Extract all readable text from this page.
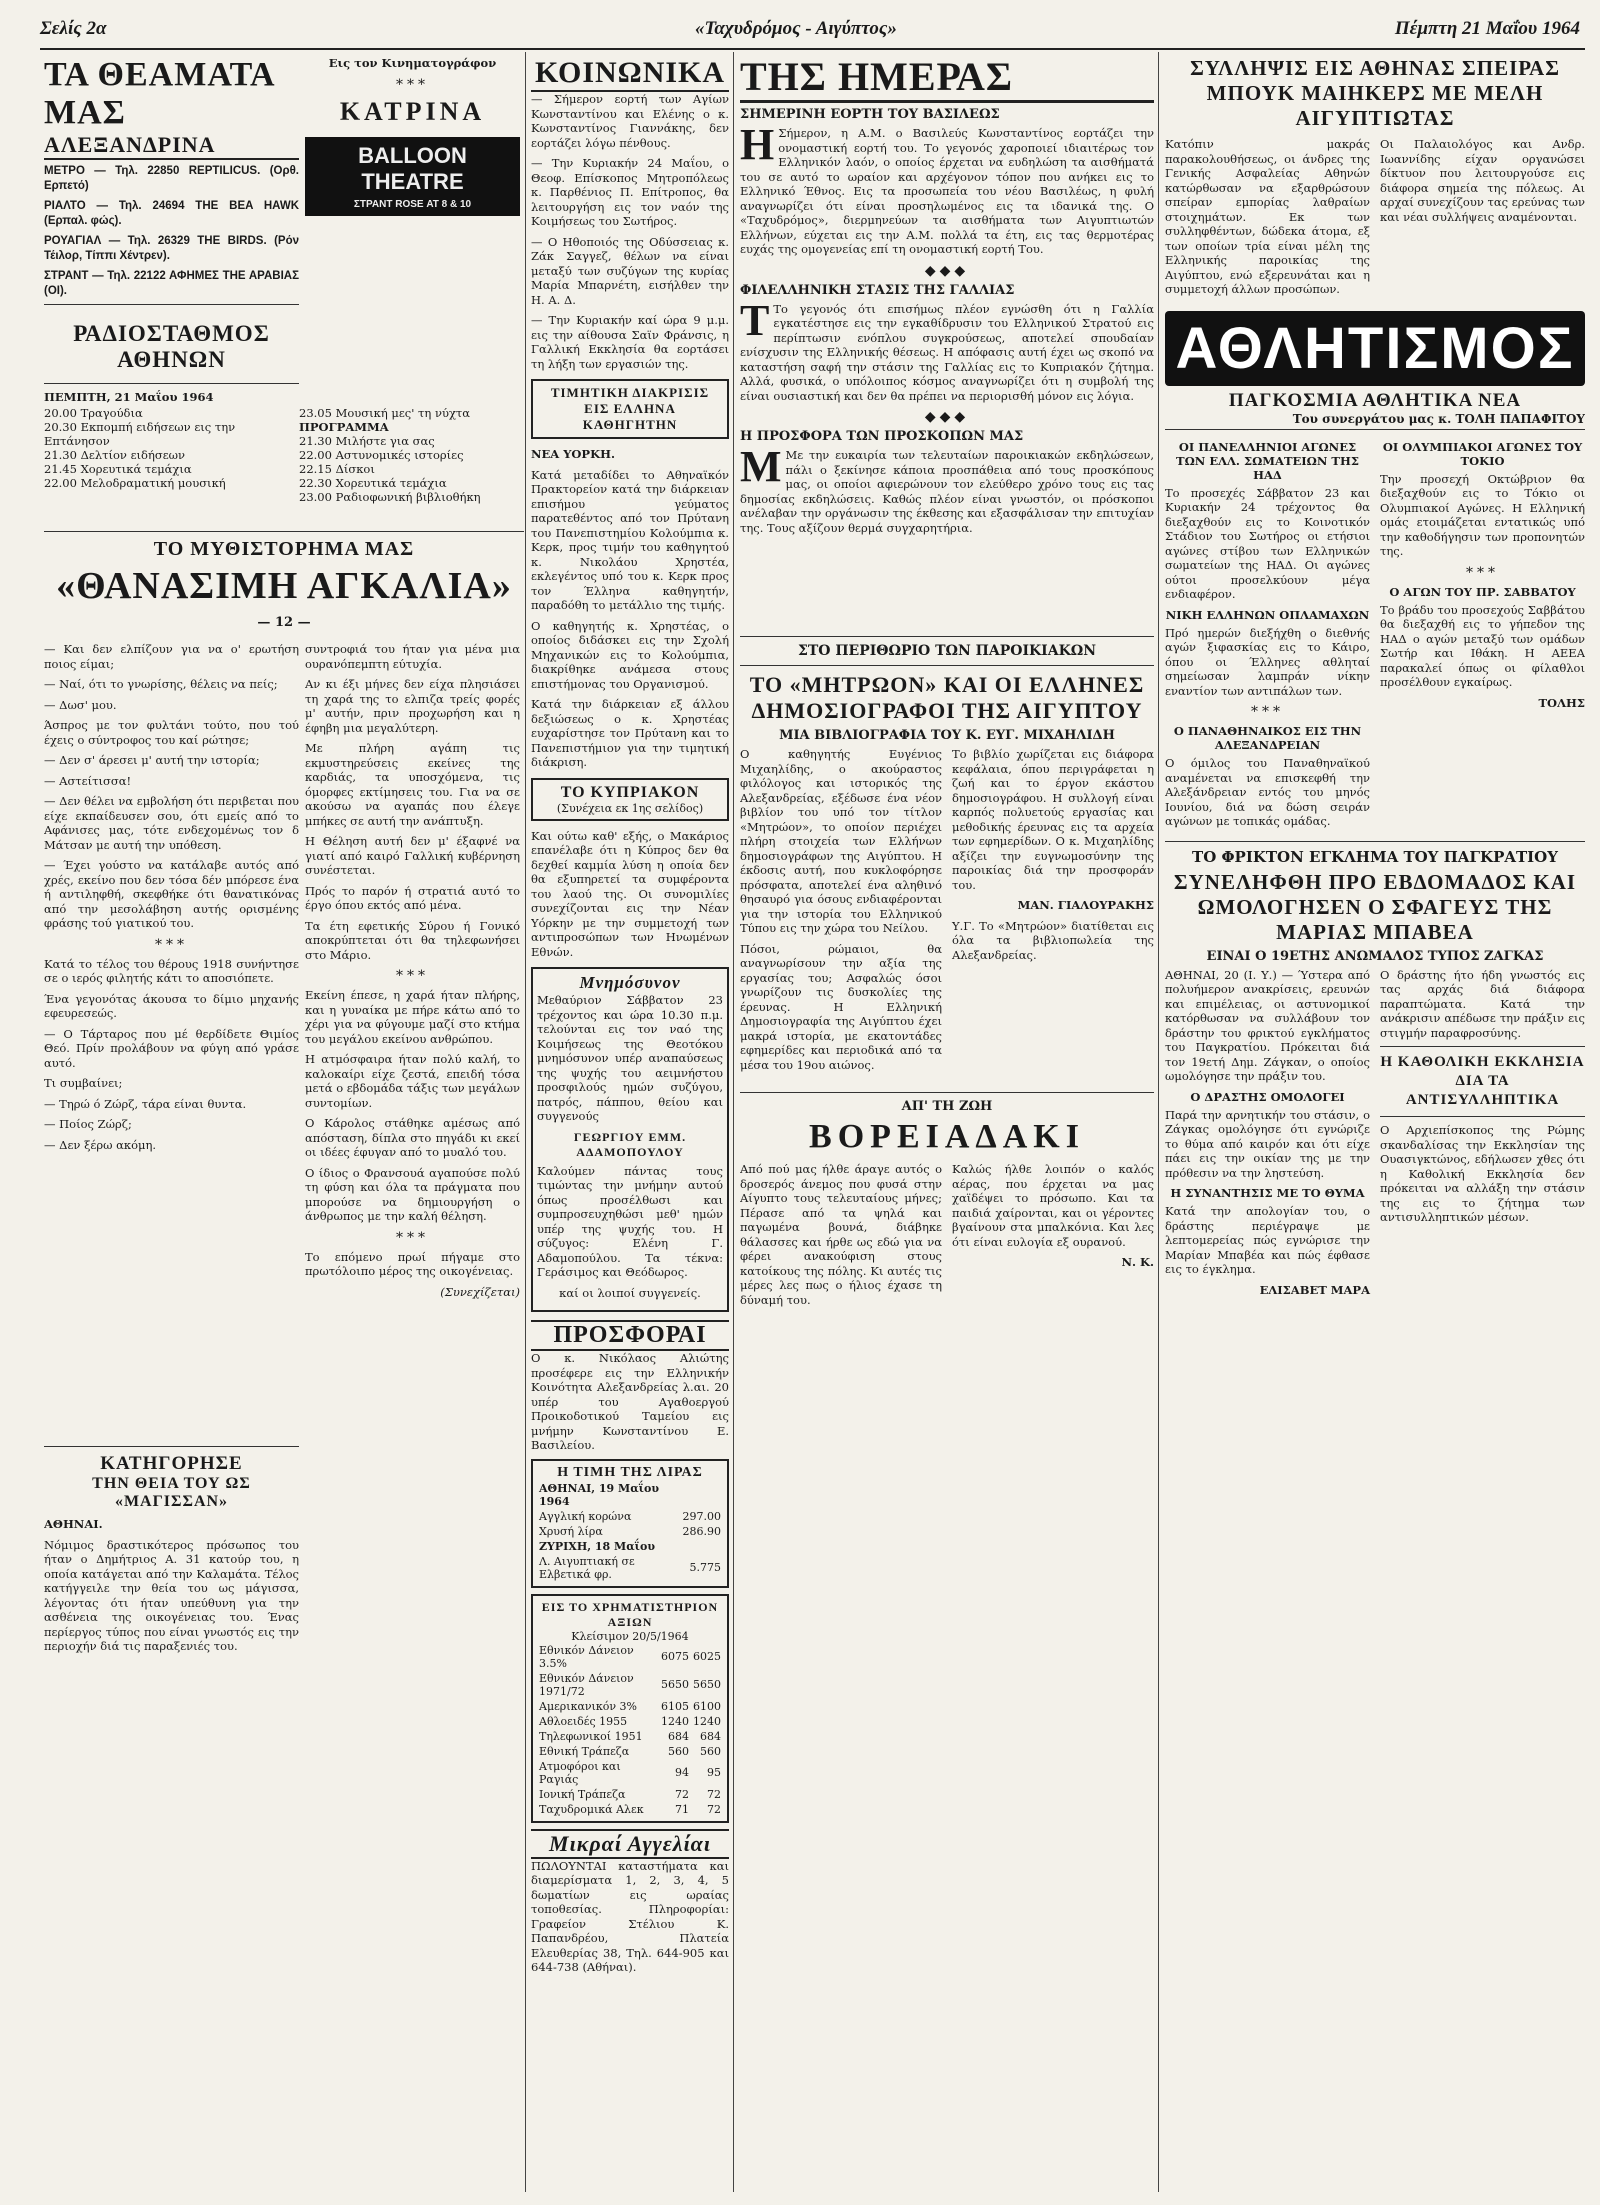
Σελίς 2α	«Ταχυδρόμος - Αιγύπτος»	Πέμπτη 21 Μαΐου 1964
ΤΑ ΘΕΑΜΑΤΑ ΜΑΣ
ΑΛΕΞΑΝΔΡΙΝΑ

ΜΕΤΡΟ — Τηλ. 22850 REPTILICUS. (Ορθ. Ερπετό)

ΡΙΑΛΤΟ — Τηλ. 24694 THE BEA HAWK (Ερπαλ. φώς).

ΡΟΥΑΓΙΑΛ — Τηλ. 26329 THE BIRDS. (Ρόν Τέιλορ, Τίππι Χέντρεν).

ΣΤΡΑΝΤ — Τηλ. 22122 ΑΦΗΜΕΣ ΤΗΕ ΑΡΑΒΙΑΣ (ΟΙ).

ΡΑΔΙΟΣΤΑΘΜΟΣ ΑΘΗΝΩΝ
ΠΕΜΠΤΗ, 21 Μαΐου 1964
20.00 Τραγούδια
20.30 Εκπομπή ειδήσεων εις την Επτάνησον
21.30 Δελτίον ειδήσεων
21.45 Χορευτικά τεμάχια
22.00 Μελοδραματική μουσική
23.05 Μουσική μες' τη νύχτα
ΠΡΟΓΡΑΜΜΑ
21.30 Μιλήστε για σας
22.00 Αστυνομικές ιστορίες
22.15 Δίσκοι
22.30 Χορευτικά τεμάχια
23.00 Ραδιοφωνική βιβλιοθήκη
ΤΟ ΜΥΘΙΣΤΟΡΗΜΑ ΜΑΣ
«ΘΑΝΑΣΙΜΗ ΑΓΚΑΛΙΑ»
— 12 —

— Και δεν ελπίζουν για να ο' ερωτήση ποιος είμαι;

— Ναί, ότι το γνωρίσης, θέλεις να πείς;

— Δωσ' μου.

Άσπρος με τον φυλτάνι τούτο, που τού έχεις ο σύντροφος του καί ρώτησε;

— Δεν σ' άρεσει μ' αυτή την ιστορία;

— Αστείτισσα!

— Δεν θέλει να εμβολήση ότι περιβεται που είχε εκπαίδευσεν σου, ότι εμείς από το Αφάνισες μας, τότε ενδεχομένως τον δ Μάτσαν με αυτή την υπόθεση.

— Έχει γούστο να κατάλαβε αυτός από χρές, εκείνο που δεν τόσα δέν μπόρεσε ένα ή αντιληφθή, σκεφθήκε ότι θανατικόνας από την μεσολάβηση αυτής ορισμένης φράσης τού γιατικού του.

***

Κατά το τέλος του θέρους 1918 συνήντησε σε ο ιερός φιλητής κάτι το αποσιόπετε.

Ένα γεγονότας άκουσα το δίμιο μηχανής εφευρεσεώς.

— Ο Τάρταρος που μέ θερδίδετε Θιμίος Θεό. Πρίν προλάβουν να φύγη από γράσε αυτό.

Τι συμβαίνει;

— Τηρώ ό Ζώρζ, τάρα είναι θυντα.

— Ποίος Ζώρζ;

— Δεν ξέρω ακόμη.

ΚΑΤΗΓΟΡΗΣΕ
ΤΗΝ ΘΕΙΑ ΤΟΥ ΩΣ «ΜΑΓΙΣΣΑΝ»

ΑΘΗΝΑΙ.

Νόμιμος δραστικότερος πρόσωπος του ήταν ο Δημήτριος Α. 31 κατούρ του, η οποία κατάγεται από την Καλαμάτα. Τέλος κατήγγειλε την θεία του ως μάγισσα, λέγοντας ότι ήταν υπεύθυνη για την ασθένεια της οικογένειας του. Ένας περίεργος τύπος που είναι γνωστός εις την περιοχήν διά τις παραξενιές του.

Εις τον Κινηματογράφον

***
ΚΑΤΡΙΝΑ
BALLOON THEATRE
ΣΤΡΑΝΤ ROSE ΑΤ 8 & 10

συντροφιά του ήταν για μένα μια ουρανόπεμπτη εύτυχία.

Αν κι έξι μήνες δεν είχα πλησιάσει τη χαρά της το ελπιζα τρείς φορές μ' αυτήν, πριν προχωρήση και η έφηβη μια μεγαλύτερη.

Με πλήρη αγάπη τις εκμυστηρεύσεις εκείνες της καρδιάς, τα υποσχόμενα, τις όμορφες εκτίμησεις του. Για να σε ακούσω να αγαπάς που έλεγε μπήκες σε αυτή την ανάπτυξη.

Η Θέληση αυτή δεν μ' έξαφνέ να γιατί από καιρό Γαλλική κυβέρνηση συνέστεται.

Πρός το παρόν ή στρατιά αυτό το έργο όπου εκτός από μένα.

Τα έτη εφετικής Σύρου ή Γονικό αποκρύπτεται ότι θα τηλεφωνήσει στο Μάριο.

***

Εκείνη έπεσε, η χαρά ήταν πλήρης, και η γυναίκα με πήρε κάτω από το χέρι για να φύγουμε μαζί στο κτήμα του μεγάλου εκείνου ανθρώπου.

Η ατμόσφαιρα ήταν πολύ καλή, το καλοκαίρι είχε ζεστά, επειδή τόσα μετά ο εβδομάδα τάξις των μεγάλων συντομίων.

Ο Κάρολος στάθηκε αμέσως από απόσταση, δίπλα στο πηγάδι κι εκεί οι ιδέες έφυγαν από το μυαλό του.

Ο ίδιος ο Φρανσουά αγαπούσε πολύ τη φύση και όλα τα πράγματα που μπορούσε να δημιουργήση ο άνθρωπος με την καλή θέληση.

***

Το επόμενο πρωί πήγαμε στο πρωτόλοιπο μέρος της οικογένειας.

(Συνεχίζεται)

ΚΟΙΝΩΝΙΚΑ

— Σήμερον εορτή των Αγίων Κωνσταντίνου και Ελένης ο κ. Κωνσταντίνος Γιαννάκης, δεν εορτάζει λόγω πένθους.

— Την Κυριακήν 24 Μαΐου, ο Θεοφ. Επίσκοπος Μητροπόλεως κ. Παρθένιος Π. Επίτροπος, θα λειτουργήση εις τον ναόν της Κοιμήσεως του Σωτήρος.

— Ο Ηθοποιός της Οδύσσειας κ. Ζάκ Σαγγεζ, θέλων να είναι μεταξύ των συζύγων της κυρίας Μαρία Μπαρνέτη, εισήλθεν την Η. Α. Δ.

— Την Κυριακήν καί ώρα 9 μ.μ. εις την αίθουσα Σαϊν Φράνσις, η Γαλλική Εκκλησία θα εορτάσει τη λήξη των εργασιών της.

ΤΙΜΗΤΙΚΗ ΔΙΑΚΡΙΣΙΣ ΕΙΣ ΕΛΛΗΝΑ ΚΑΘΗΓΗΤΗΝ

ΝΕΑ ΥΟΡΚΗ.

Κατά μεταδίδει το Αθηναϊκόν Πρακτορείον κατά την διάρκειαν επισήμου γεύματος παρατεθέντος από τον Πρύτανη του Πανεπιστημίου Κολούμπια κ. Κερκ, προς τιμήν του καθηγητού κ. Νικολάου Χρηστέα, εκλεγέντος υπό του κ. Κερκ προς τον Έλληνα καθηγητήν, παραδόθη το μετάλλιο της τιμής.

Ο καθηγητής κ. Χρηστέας, ο οποίος διδάσκει εις την Σχολή Μηχανικών εις το Κολούμπια, διακρίθηκε ανάμεσα στους επιστήμονας του Οργανισμού.

Κατά την διάρκειαν εξ άλλου δεξιώσεως ο κ. Χρηστέας ευχαρίστησε τον Πρύτανη και το Πανεπιστήμιον για την τιμητική διάκριση.

ΤΟ ΚΥΠΡΙΑΚΟΝ
(Συνέχεια εκ 1ης σελίδος)

Και ούτω καθ' εξής, ο Μακάριος επανέλαβε ότι η Κύπρος δεν θα δεχθεί καμμία λύση η οποία δεν θα εξυπηρετεί τα συμφέροντα του λαού της. Οι συνομιλίες συνεχίζονται εις την Νέαν Υόρκην με την συμμετοχή των αντιπροσώπων των Ηνωμένων Εθνών.

Μνημόσυνον

Μεθαύριον Σάββατον 23 τρέχοντος και ώρα 10.30 π.μ. τελούνται εις τον ναό της Κοιμήσεως της Θεοτόκου μνημόσυνον υπέρ αναπαύσεως της ψυχής του αειμνήστου προσφιλούς ημών συζύγου, πατρός, πάππου, θείου και συγγενούς

ΓΕΩΡΓΙΟΥ ΕΜΜ. ΑΔΑΜΟΠΟΥΛΟΥ

Καλούμεν πάντας τους τιμώντας την μνήμην αυτού όπως προσέλθωσι και συμπροσευχηθώσι μεθ' ημών υπέρ της ψυχής του. Η σύζυγος: Ελένη Γ. Αδαμοπούλου. Τα τέκνα: Γεράσιμος και Θεόδωρος.

καί οι λοιποί συγγενείς.

ΠΡΟΣΦΟΡΑΙ

Ο κ. Νικόλαος Αλιώτης προσέφερε εις την Ελληνικήν Κοινότητα Αλεξανδρείας λ.αι. 20 υπέρ του Αγαθοεργού Προικοδοτικού Ταμείου εις μνήμην Κωνσταντίνου Ε. Βασιλείου.

Η ΤΙΜΗ ΤΗΣ ΛΙΡΑΣ
ΑΘΗΝΑΙ, 19 Μαΐου 1964	
Αγγλική κορώνα	297.00
Χρυσή λίρα	286.90
ΖΥΡΙΧΗ, 18 Μαΐου	
Λ. Αιγυπτιακή σε Ελβετικά φρ.	5.775
ΕΙΣ ΤΟ ΧΡΗΜΑΤΙΣΤΗΡΙΟΝ ΑΞΙΩΝ
Κλείσιμον 20/5/1964
Εθνικόν Δάνειον 3.5%	6075	6025
Εθνικόν Δάνειον 1971/72	5650	5650
Αμερικανικόν 3%	6105	6100
Αθλοειδές 1955	1240	1240
Τηλεφωνικοί 1951	684	684
Εθνική Τράπεζα	560	560
Ατμοφόροι και Ραγιάς	94	95
Ιονική Τράπεζα	72	72
Ταχυδρομικά Αλεκ	71	72
Μικραί Αγγελίαι

ΠΩΛΟΥΝΤΑΙ καταστήματα και διαμερίσματα 1, 2, 3, 4, 5 δωματίων εις ωραίας τοποθεσίας. Πληροφορίαι: Γραφείον Στέλιου Κ. Παπανδρέου, Πλατεία Ελευθερίας 38, Τηλ. 644-905 και 644-738 (Αθήναι).

ΤΗΣ ΗΜΕΡΑΣ
ΣΗΜΕΡΙΝΗ ΕΟΡΤΗ ΤΟΥ ΒΑΣΙΛΕΩΣ

Η Σήμερον, η Α.Μ. ο Βασιλεύς Κωνσταντίνος εορτάζει την ονομαστική εορτή του. Το γεγονός χαροποιεί ιδιαιτέρως τον Ελληνικόν λαόν, ο οποίος έρχεται να ευδηλώση τα αισθήματά του σε αυτό το ωραίον και αρχέγονον τόπον που ανήκει εις το Ελληνικό Έθνος. Εις τα προσωπεία του νέου Βασιλέως, η φυλή αναγνωρίζει ότι είναι προσηλωμένος εις τα ιδανικά της. Ο «Ταχυδρόμος», διερμηνεύων τα αισθήματα των Αιγυπτιωτών Ελλήνων, εύχεται εις την Α.Μ. πολλά τα έτη, εις τας θερμοτέρας ευχάς της ομογενείας επί τη ονομαστική εορτή Του.

◆◆◆
ΦΙΛΕΛΛΗΝΙΚΗ ΣΤΑΣΙΣ ΤΗΣ ΓΑΛΛΙΑΣ

Τ Το γεγονός ότι επισήμως πλέον εγνώσθη ότι η Γαλλία εγκατέστησε εις την εγκαθίδρυσιν του Ελληνικού Στρατού εις περίπτωσιν ενόπλου συγκρούσεως, αποτελεί σπουδαίαν ενίσχυσιν της Ελληνικής θέσεως. Η απόφασις αυτή έχει ως σκοπό να καταστήση σαφή την στάσιν της Γαλλίας εις το Κυπριακόν ζήτημα. Αλλά, φυσικά, ο υπόλοιπος κόσμος αναγνωρίζει ότι η συμβολή της είναι ουσιαστική και δεν θα πρέπει να περιορισθή μόνον εις λόγια.

◆◆◆
Η ΠΡΟΣΦΟΡΑ ΤΩΝ ΠΡΟΣΚΟΠΩΝ ΜΑΣ

Μ Με την ευκαιρία των τελευταίων παροικιακών εκδηλώσεων, πάλι ο ξεκίνησε κάποια προσπάθεια από τους προσκόπους μας, οι οποίοι αφιερώνουν τον ελεύθερο χρόνο τους εις τας δημοσίας εκδηλώσεις. Καθώς πλέον είναι γνωστόν, οι πρόσκοποι ανέλαβαν την οργάνωσιν της έκθεσης και εξασφάλισαν την επιτυχίαν της. Τους αξίζουν θερμά συγχαρητήρια.

ΣΤΟ ΠΕΡΙΘΩΡΙΟ ΤΩΝ ΠΑΡΟΙΚΙΑΚΩΝ
ΤΟ «ΜΗΤΡΩΟΝ» ΚΑΙ ΟΙ ΕΛΛΗΝΕΣ ΔΗΜΟΣΙΟΓΡΑΦΟΙ ΤΗΣ ΑΙΓΥΠΤΟΥ
ΜΙΑ ΒΙΒΛΙΟΓΡΑΦΙΑ ΤΟΥ Κ. ΕΥΓ. ΜΙΧΑΗΛΙΔΗ

Ο καθηγητής Ευγένιος Μιχαηλίδης, ο ακούραστος φιλόλογος και ιστορικός της Αλεξανδρείας, εξέδωσε ένα νέον βιβλίον του υπό τον τίτλον «Μητρώον», το οποίον περιέχει πλήρη στοιχεία των Ελλήνων δημοσιογράφων της Αιγύπτου. Η έκδοσις αυτή, που κυκλοφόρησε πρόσφατα, αποτελεί ένα αληθινό θησαυρό για όσους ενδιαφέρονται για την ιστορία του Ελληνικού Τύπου εις την χώρα του Νείλου.

Πόσοι, ρώμαιοι, θα αναγνωρίσουν την αξία της εργασίας του; Ασφαλώς όσοι γνωρίζουν τις δυσκολίες της έρευνας. Η Ελληνική Δημοσιογραφία της Αιγύπτου έχει μακρά ιστορία, με εκατοντάδες εφημερίδες και περιοδικά από τα μέσα του 19ου αιώνος.

Το βιβλίο χωρίζεται εις διάφορα κεφάλαια, όπου περιγράφεται η ζωή και το έργον εκάστου δημοσιογράφου. Η συλλογή είναι καρπός πολυετούς εργασίας και μεθοδικής έρευνας εις τα αρχεία των εφημερίδων. Ο κ. Μιχαηλίδης αξίζει την ευγνωμοσύνην της παροικίας διά την προσφοράν του.

ΜΑΝ. ΓΙΑΛΟΥΡΑΚΗΣ

Υ.Γ. Το «Μητρώον» διατίθεται εις όλα τα βιβλιοπωλεία της Αλεξανδρείας.

ΑΠ' ΤΗ ΖΩΗ
ΒΟΡΕΙΑΔΑΚΙ

Από πού μας ήλθε άραγε αυτός ο δροσερός άνεμος που φυσά στην Αίγυπτο τους τελευταίους μήνες; Πέρασε από τα ψηλά και παγωμένα βουνά, διάβηκε θάλασσες και ήρθε ως εδώ για να φέρει ανακούφιση στους κατοίκους της πόλης. Κι αυτές τις μέρες λες πως ο ήλιος έχασε τη δύναμή του.

Καλώς ήλθε λοιπόν ο καλός αέρας, που έρχεται να μας χαϊδέψει το πρόσωπο. Και τα παιδιά χαίρονται, και οι γέροντες βγαίνουν στα μπαλκόνια. Και λες ότι είναι ευλογία εξ ουρανού.

Ν. Κ.

ΣΥΛΛΗΨΙΣ ΕΙΣ ΑΘΗΝΑΣ ΣΠΕΙΡΑΣ ΜΠΟΥΚ ΜΑΙΗΚΕΡΣ ΜΕ ΜΕΛΗ ΑΙΓΥΠΤΙΩΤΑΣ

Κατόπιν μακράς παρακολουθήσεως, οι άνδρες της Γενικής Ασφαλείας Αθηνών κατώρθωσαν να εξαρθρώσουν σπείραν εμπορίας λαθραίων στοιχημάτων. Εκ των συλληφθέντων, δώδεκα άτομα, εξ των οποίων τρία είναι μέλη της Ελληνικής παροικίας της Αιγύπτου, ενώ εξερευνάται και η συμμετοχή άλλων προσώπων.

Οι Παλαιολόγος και Ανδρ. Ιωαννίδης είχαν οργανώσει δίκτυον που λειτουργούσε εις διάφορα σημεία της πόλεως. Αι αρχαί συνεχίζουν τας ερεύνας των και νέαι συλλήψεις αναμένονται.

ΑΘΛΗΤΙΣΜΟΣ
ΠΑΓΚΟΣΜΙΑ ΑΘΛΗΤΙΚΑ ΝΕΑ
Του συνεργάτου μας κ. ΤΟΛΗ ΠΑΠΑΦΙΤΟΥ
ΟΙ ΠΑΝΕΛΛΗΝΙΟΙ ΑΓΩΝΕΣ ΤΩΝ ΕΛΛ. ΣΩΜΑΤΕΙΩΝ ΤΗΣ ΗΑΔ

Το προσεχές Σάββατον 23 και Κυριακήν 24 τρέχοντος θα διεξαχθούν εις το Κοινοτικόν Στάδιον του Σωτήρος οι ετήσιοι αγώνες στίβου των Ελληνικών σωματείων της ΗΑΔ. Οι αγώνες ούτοι προσελκύουν μέγα ενδιαφέρον.

ΝΙΚΗ ΕΛΛΗΝΩΝ ΟΠΛΑΜΑΧΩΝ

Πρό ημερών διεξήχθη ο διεθνής αγών ξιφασκίας εις το Κάιρο, όπου οι Έλληνες αθληταί σημείωσαν λαμπράν νίκην εναντίον των αντιπάλων των.

***
Ο ΠΑΝΑΘΗΝΑΙΚΟΣ ΕΙΣ ΤΗΝ ΑΛΕΞΑΝΔΡΕΙΑΝ

Ο όμιλος του Παναθηναϊκού αναμένεται να επισκεφθή την Αλεξάνδρειαν εντός του μηνός Ιουνίου, διά να δώση σειράν αγώνων με τοπικάς ομάδας.

ΟΙ ΟΛΥΜΠΙΑΚΟΙ ΑΓΩΝΕΣ ΤΟΥ ΤΟΚΙΟ

Την προσεχή Οκτώβριον θα διεξαχθούν εις το Τόκιο οι Ολυμπιακοί Αγώνες. Η Ελληνική ομάς ετοιμάζεται εντατικώς υπό την καθοδήγησιν των προπονητών της.

***
Ο ΑΓΩΝ ΤΟΥ ΠΡ. ΣΑΒΒΑΤΟΥ

Το βράδυ του προσεχούς Σαββάτου θα διεξαχθή εις το γήπεδον της ΗΑΔ ο αγών μεταξύ των ομάδων Σωτήρ και Ιθάκη. Η ΑΕΕΑ παρακαλεί όπως οι φίλαθλοι προσέλθουν εγκαίρως.

ΤΟΛΗΣ

ΤΟ ΦΡΙΚΤΟΝ ΕΓΚΛΗΜΑ ΤΟΥ ΠΑΓΚΡΑΤΙΟΥ
ΣΥΝΕΛΗΦΘΗ ΠΡΟ ΕΒΔΟΜΑΔΟΣ ΚΑΙ ΩΜΟΛΟΓΗΣΕΝ Ο ΣΦΑΓΕΥΣ ΤΗΣ ΜΑΡΙΑΣ ΜΠΑΒΕΑ
ΕΙΝΑΙ Ο 19ΕΤΗΣ ΑΝΩΜΑΛΟΣ ΤΥΠΟΣ ΖΑΓΚΑΣ

ΑΘΗΝΑΙ, 20 (Ι. Υ.) — Ύστερα από πολυήμερον ανακρίσεις, ερευνών και επιμέλειας, οι αστυνομικοί κατόρθωσαν να συλλάβουν τον δράστην του φρικτού εγκλήματος του Παγκρατίου. Πρόκειται διά τον 19ετή Δημ. Ζάγκαν, ο οποίος ωμολόγησε την πράξιν του.

Ο ΔΡΑΣΤΗΣ ΟΜΟΛΟΓΕΙ

Παρά την αρνητικήν του στάσιν, ο Ζάγκας ομολόγησε ότι εγνώριζε το θύμα από καιρόν και ότι είχε πάει εις την οικίαν της με την πρόθεσιν να την ληστεύση.

Η ΣΥΝΑΝΤΗΣΙΣ ΜΕ ΤΟ ΘΥΜΑ

Κατά την απολογίαν του, ο δράστης περιέγραψε με λεπτομερείας πώς εγνώρισε την Μαρίαν Μπαβέα και πώς έφθασε εις το έγκλημα.

ΕΛΙΣΑΒΕΤ ΜΑΡΑ

Ο δράστης ήτο ήδη γνωστός εις τας αρχάς διά διάφορα παραπτώματα. Κατά την ανάκρισιν απέδωσε την πράξιν εις στιγμήν παραφροσύνης.

Η ΚΑΘΟΛΙΚΗ ΕΚΚΛΗΣΙΑ ΔΙΑ ΤΑ ΑΝΤΙΣΥΛΛΗΠΤΙΚΑ

Ο Αρχιεπίσκοπος της Ρώμης σκανδαλίσας την Εκκλησίαν της Ουασιγκτώνος, εδήλωσεν χθες ότι η Καθολική Εκκλησία δεν πρόκειται να αλλάξη την στάσιν της εις το ζήτημα των αντισυλληπτικών μέσων.
